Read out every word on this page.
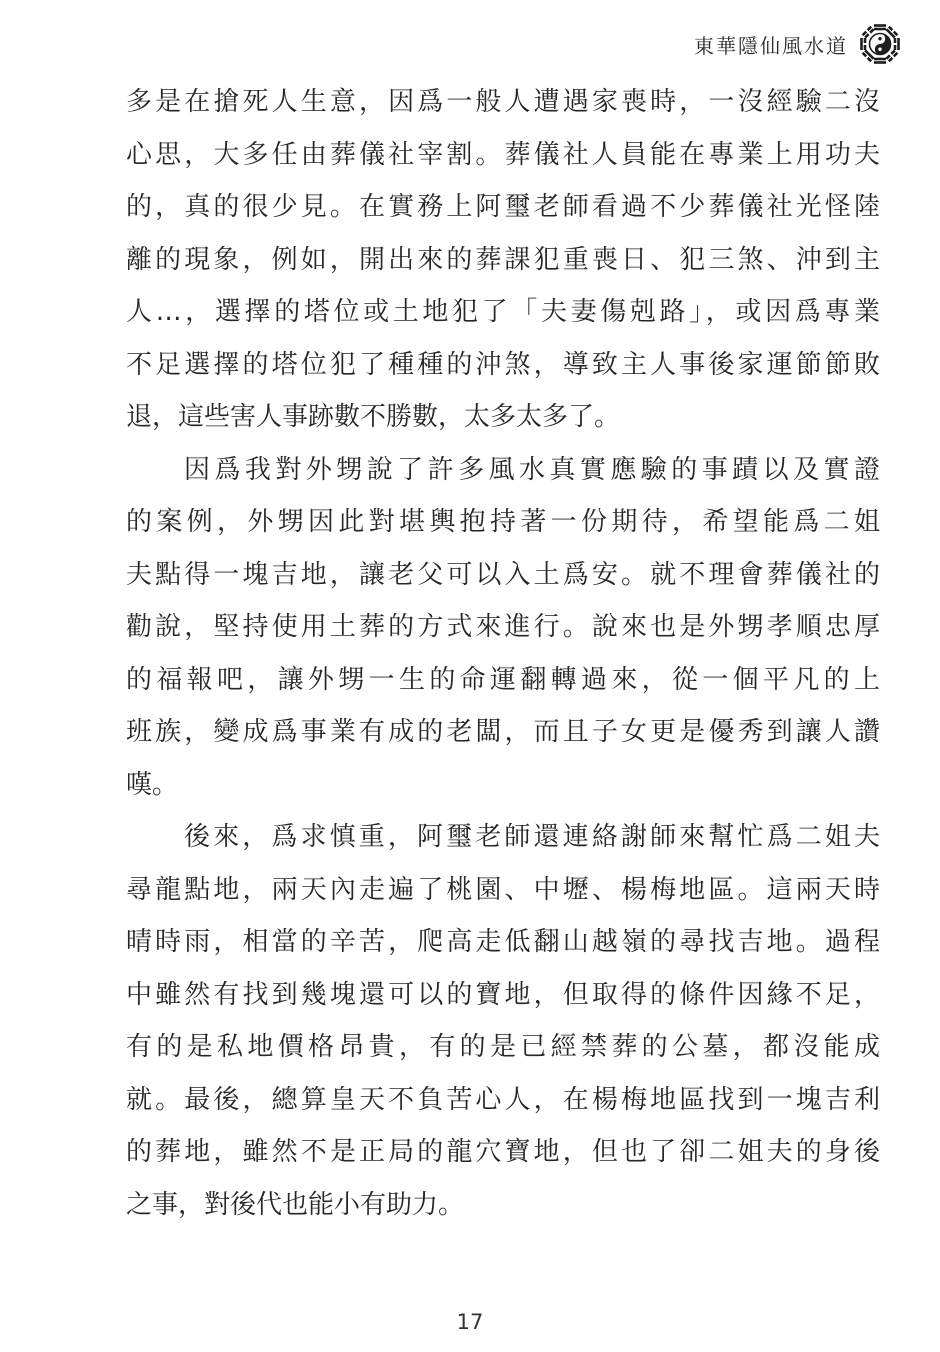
東華隱仙風水道
多是在搶死人生意，因爲一般人遭遇家喪時，一沒經驗二沒
心思，大多任由葬儀社宰割。葬儀社人員能在專業上用功夫
的，真的很少見。在實務上阿璽老師看過不少葬儀社光怪陸
離的現象，例如，開出來的葬課犯重喪日、犯三煞、沖到主
人…，選擇的塔位或土地犯了「夫妻傷剋路」，或因爲專業
不足選擇的塔位犯了種種的沖煞，導致主人事後家運節節敗
退，這些害人事跡數不勝數，太多太多了。
因爲我對外甥說了許多風水真實應驗的事蹟以及實證
的案例，外甥因此對堪輿抱持著一份期待，希望能爲二姐
夫點得一塊吉地，讓老父可以入土爲安。就不理會葬儀社的
勸說，堅持使用土葬的方式來進行。說來也是外甥孝順忠厚
的福報吧，讓外甥一生的命運翻轉過來，從一個平凡的上
班族，變成爲事業有成的老闆，而且子女更是優秀到讓人讚
嘆。
後來，爲求慎重，阿璽老師還連絡謝師來幫忙爲二姐夫
尋龍點地，兩天內走遍了桃園、中壢、楊梅地區。這兩天時
晴時雨，相當的辛苦，爬高走低翻山越嶺的尋找吉地。過程
中雖然有找到幾塊還可以的寶地，但取得的條件因緣不足，
有的是私地價格昂貴，有的是已經禁葬的公墓，都沒能成
就。最後，總算皇天不負苦心人，在楊梅地區找到一塊吉利
的葬地，雖然不是正局的龍穴寶地，但也了卻二姐夫的身後
之事，對後代也能小有助力。
17
